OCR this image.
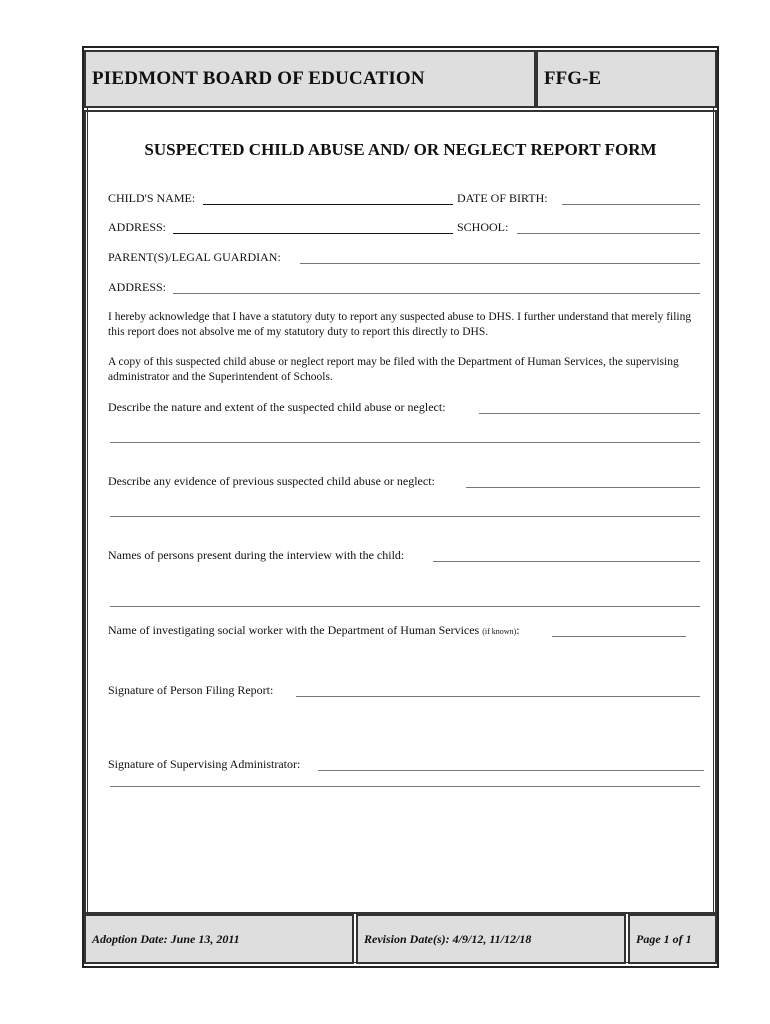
PIEDMONT BOARD OF EDUCATION	FFG-E
SUSPECTED CHILD ABUSE AND/ OR NEGLECT REPORT FORM
CHILD'S NAME:	DATE OF BIRTH:
ADDRESS:	SCHOOL:
PARENT(S)/LEGAL GUARDIAN:
ADDRESS:
I hereby acknowledge that I have a statutory duty to report any suspected abuse to DHS. I further understand that merely filing this report does not absolve me of my statutory duty to report this directly to DHS.
A copy of this suspected child abuse or neglect report may be filed with the Department of Human Services, the supervising administrator and the Superintendent of Schools.
Describe the nature and extent of the suspected child abuse or neglect:
Describe any evidence of previous suspected child abuse or neglect:
Names of persons present during the interview with the child:
Name of investigating social worker with the Department of Human Services (if known):
Signature of Person Filing Report:
Signature of Supervising Administrator:
Adoption Date: June 13, 2011	Revision Date(s): 4/9/12, 11/12/18	Page 1 of 1
